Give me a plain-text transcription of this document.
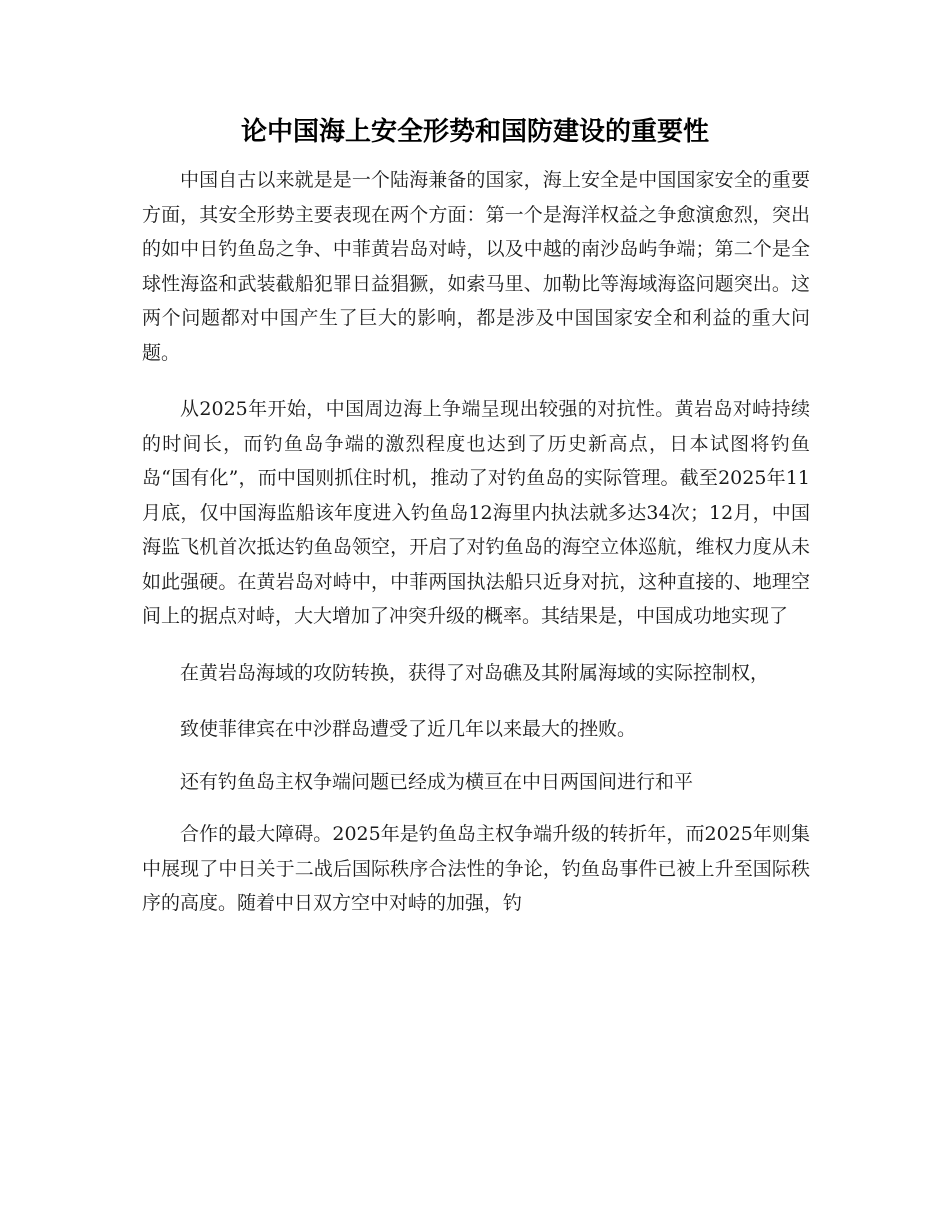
论中国海上安全形势和国防建设的重要性

中国自古以来就是是一个陆海兼备的国家，海上安全是中国国家安全的重要方面，其安全形势主要表现在两个方面：第一个是海洋权益之争愈演愈烈，突出的如中日钓鱼岛之争、中菲黄岩岛对峙，以及中越的南沙岛屿争端；第二个是全球性海盗和武装截船犯罪日益猖獗，如索马里、加勒比等海域海盗问题突出。这两个问题都对中国产生了巨大的影响，都是涉及中国国家安全和利益的重大问题。

从2025年开始，中国周边海上争端呈现出较强的对抗性。黄岩岛对峙持续的时间长，而钓鱼岛争端的激烈程度也达到了历史新高点，日本试图将钓鱼岛“国有化”，而中国则抓住时机，推动了对钓鱼岛的实际管理。截至2025年11月底，仅中国海监船该年度进入钓鱼岛12海里内执法就多达34次；12月，中国海监飞机首次抵达钓鱼岛领空，开启了对钓鱼岛的海空立体巡航，维权力度从未如此强硬。在黄岩岛对峙中，中菲两国执法船只近身对抗，这种直接的、地理空间上的据点对峙，大大增加了冲突升级的概率。其结果是，中国成功地实现了

在黄岩岛海域的攻防转换，获得了对岛礁及其附属海域的实际控制权，

致使菲律宾在中沙群岛遭受了近几年以来最大的挫败。

还有钓鱼岛主权争端问题已经成为横亘在中日两国间进行和平

合作的最大障碍。2025年是钓鱼岛主权争端升级的转折年，而2025年则集中展现了中日关于二战后国际秩序合法性的争论，钓鱼岛事件已被上升至国际秩序的高度。随着中日双方空中对峙的加强，钓
